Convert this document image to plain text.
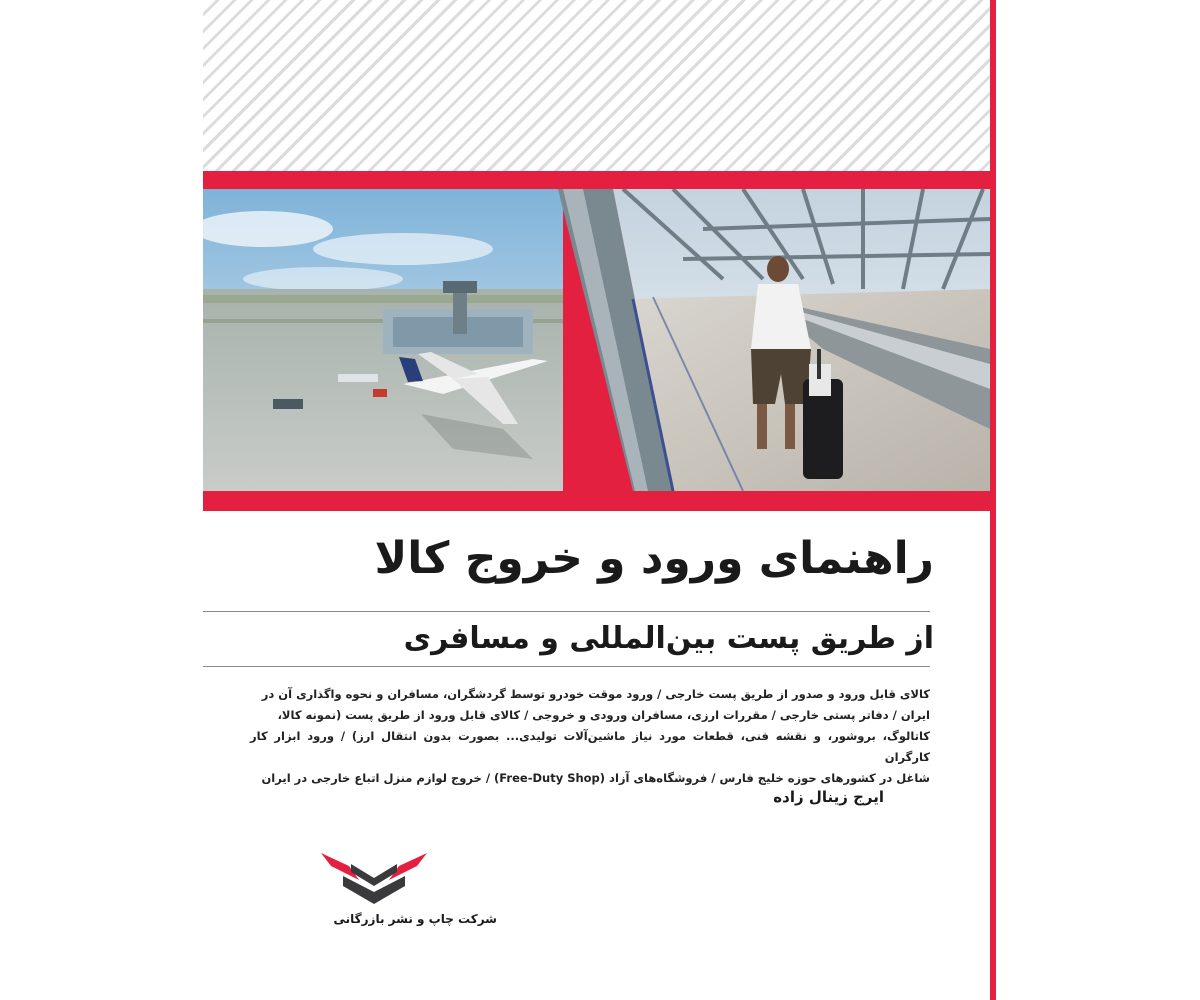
راهنمای ورود و خروج کالا
از طریق پست بین‌المللی و مسافری
کالای قابل ورود و صدور از طریق پست خارجی / ورود موقت خودرو توسط گردشگران، مسافران و نحوه واگذاری آن در
ایران / دفاتر پستی خارجی / مقررات ارزی، مسافران ورودی و خروجی / کالای قابل ورود از طریق پست (نمونه کالا،
کاتالوگ، بروشور، و نقشه فنی، قطعات مورد نیاز ماشین‌آلات تولیدی... بصورت بدون انتقال ارز) / ورود ابزار کار کارگران
شاغل در کشورهای حوزه خلیج فارس / فروشگاه‌های آزاد (Free-Duty Shop) / خروج لوازم منزل اتباع خارجی در ایران
ایرج زینال زاده
شرکت چاپ و نشر بازرگانی
